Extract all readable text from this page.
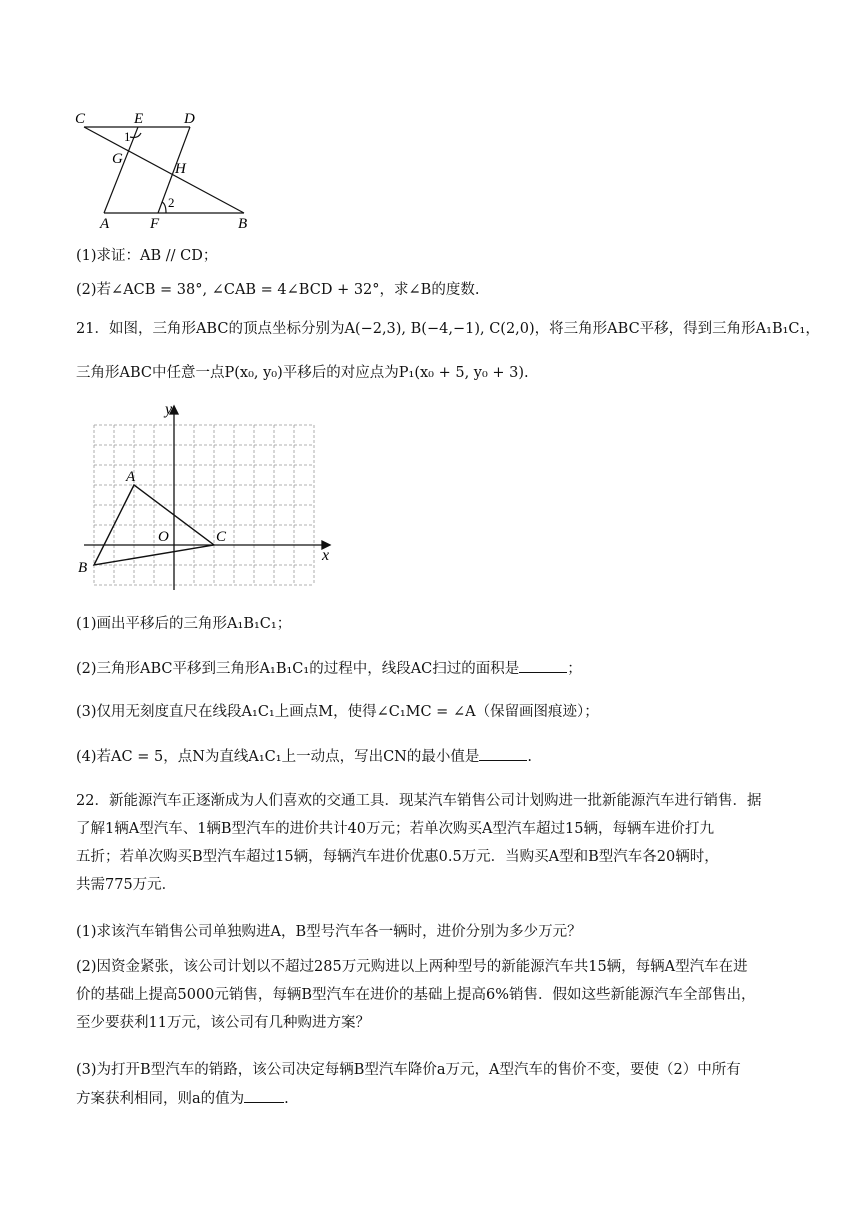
C	E	D
G
H
A	F	B
1
2
(1)求证：AB // CD；
(2)若∠ACB = 38°, ∠CAB = 4∠BCD + 32°，求∠B的度数.
21．如图，三角形ABC的顶点坐标分别为A(−2,3), B(−4,−1), C(2,0)，将三角形ABC平移，得到三角形A₁B₁C₁，
三角形ABC中任意一点P(x₀, y₀)平移后的对应点为P₁(x₀ + 5, y₀ + 3).
y
x
O
A
B
C
(1)画出平移后的三角形A₁B₁C₁；
(2)三角形ABC平移到三角形A₁B₁C₁的过程中，线段AC扫过的面积是	；
(3)仅用无刻度直尺在线段A₁C₁上画点M，使得∠C₁MC = ∠A（保留画图痕迹）；
(4)若AC = 5，点N为直线A₁C₁上一动点，写出CN的最小值是	.
22．新能源汽车正逐渐成为人们喜欢的交通工具．现某汽车销售公司计划购进一批新能源汽车进行销售．据
了解1辆A型汽车、1辆B型汽车的进价共计40万元；若单次购买A型汽车超过15辆，每辆车进价打九
五折；若单次购买B型汽车超过15辆，每辆汽车进价优惠0.5万元．当购买A型和B型汽车各20辆时，
共需775万元．
(1)求该汽车销售公司单独购进A，B型号汽车各一辆时，进价分别为多少万元？
(2)因资金紧张，该公司计划以不超过285万元购进以上两种型号的新能源汽车共15辆，每辆A型汽车在进
价的基础上提高5000元销售，每辆B型汽车在进价的基础上提高6%销售．假如这些新能源汽车全部售出，
至少要获利11万元，该公司有几种购进方案？
(3)为打开B型汽车的销路，该公司决定每辆B型汽车降价a万元，A型汽车的售价不变，要使（2）中所有
方案获利相同，则a的值为	.
